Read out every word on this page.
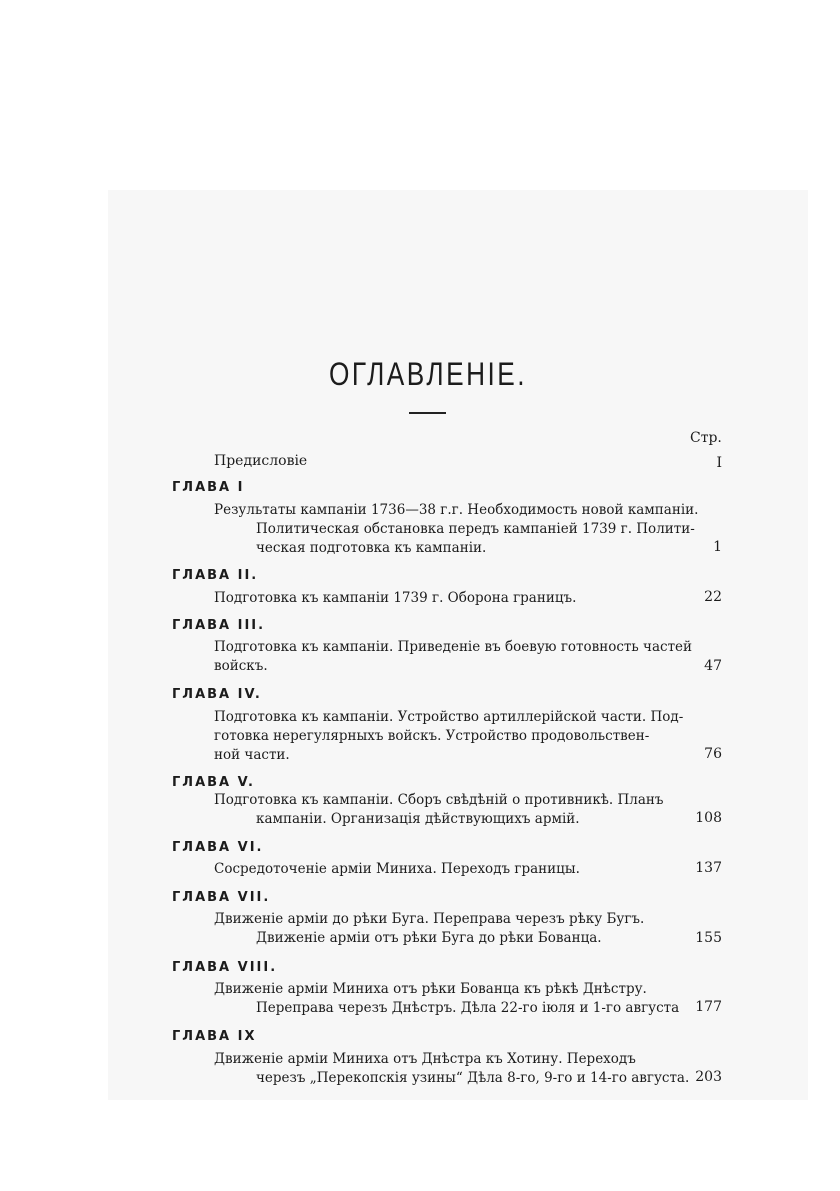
ОГЛАВЛЕНІЕ.
Стр.
Предисловіе	I
ГЛАВА I
Результаты кампаніи 1736—38 г.г. Необходимость новой кампаніи.
Политическая обстановка передъ кампаніей 1739 г. Полити-
ческая подготовка къ кампаніи.	1
ГЛАВА II.
Подготовка къ кампаніи 1739 г. Оборона границъ.	22
ГЛАВА III.
Подготовка къ кампаніи. Приведеніе въ боевую готовность частей
войскъ.	47
ГЛАВА IV.
Подготовка къ кампаніи. Устройство артиллерійской части. Под-
готовка нерегулярныхъ войскъ. Устройство продовольствен-
ной части.	76
ГЛАВА V.
Подготовка къ кампаніи. Сборъ свѣдѣній о противникѣ. Планъ
кампаніи. Организація дѣйствующихъ армій.	108
ГЛАВА VI.
Сосредоточеніе арміи Миниха. Переходъ границы.	137
ГЛАВА VII.
Движеніе арміи до рѣки Буга. Переправа черезъ рѣку Бугъ.
Движеніе арміи отъ рѣки Буга до рѣки Бованца.	155
ГЛАВА VIII.
Движеніе арміи Миниха отъ рѣки Бованца къ рѣкѣ Днѣстру.
Переправа черезъ Днѣстръ. Дѣла 22-го іюля и 1-го августа	177
ГЛАВА IX
Движеніе арміи Миниха отъ Днѣстра къ Хотину. Переходъ
черезъ „Перекопскія узины“ Дѣла 8-го, 9-го и 14-го августа. 203
